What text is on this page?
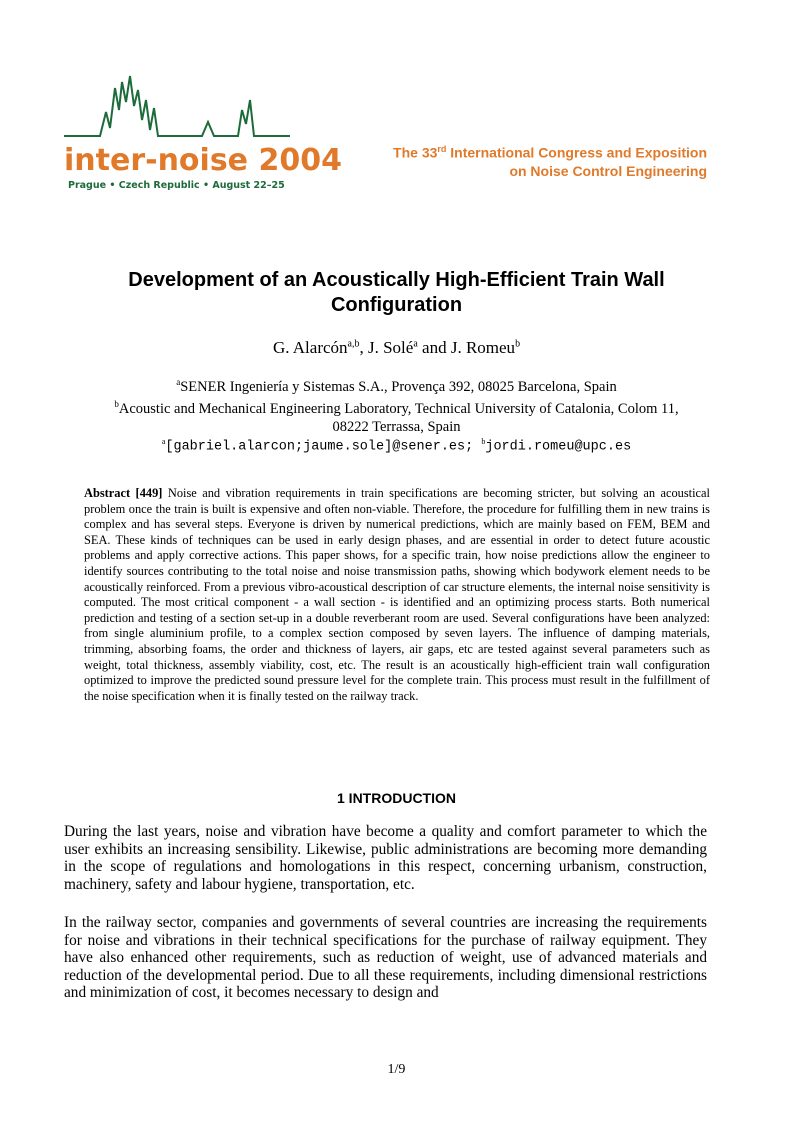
inter-noise 2004
Prague • Czech Republic • August 22–25
The 33rd International Congress and Exposition
on Noise Control Engineering
Development of an Acoustically High-Efficient Train Wall
Configuration
G. Alarcón$^{a,b}$, J. Solé$^a$ and J. Romeu$^b$
$^a$SENER Ingeniería y Sistemas S.A., Provença 392, 08025 Barcelona, Spain
$^b$Acoustic and Mechanical Engineering Laboratory, Technical University of Catalonia, Colom 11,
08222 Terrassa, Spain
$^a$[gabriel.alarcon;jaume.sole]@sener.es; $^b$jordi.romeu@upc.es
Abstract [449] Noise and vibration requirements in train specifications are becoming stricter, but solving an acoustical problem once the train is built is expensive and often non-viable. Therefore, the procedure for fulfilling them in new trains is complex and has several steps. Everyone is driven by numerical predictions, which are mainly based on FEM, BEM and SEA. These kinds of techniques can be used in early design phases, and are essential in order to detect future acoustic problems and apply corrective actions. This paper shows, for a specific train, how noise predictions allow the engineer to identify sources contributing to the total noise and noise transmission paths, showing which bodywork element needs to be acoustically reinforced. From a previous vibro-acoustical description of car structure elements, the internal noise sensitivity is computed. The most critical component - a wall section - is identified and an optimizing process starts. Both numerical prediction and testing of a section set-up in a double reverberant room are used. Several configurations have been analyzed: from single aluminium profile, to a complex section composed by seven layers. The influence of damping materials, trimming, absorbing foams, the order and thickness of layers, air gaps, etc are tested against several parameters such as weight, total thickness, assembly viability, cost, etc. The result is an acoustically high-efficient train wall configuration optimized to improve the predicted sound pressure level for the complete train. This process must result in the fulfillment of the noise specification when it is finally tested on the railway track.
1 INTRODUCTION
During the last years, noise and vibration have become a quality and comfort parameter to which the user exhibits an increasing sensibility. Likewise, public administrations are becoming more demanding in the scope of regulations and homologations in this respect, concerning urbanism, construction, machinery, safety and labour hygiene, transportation, etc.
In the railway sector, companies and governments of several countries are increasing the requirements for noise and vibrations in their technical specifications for the purchase of railway equipment. They have also enhanced other requirements, such as reduction of weight, use of advanced materials and reduction of the developmental period. Due to all these requirements, including dimensional restrictions and minimization of cost, it becomes necessary to design and
1/9
